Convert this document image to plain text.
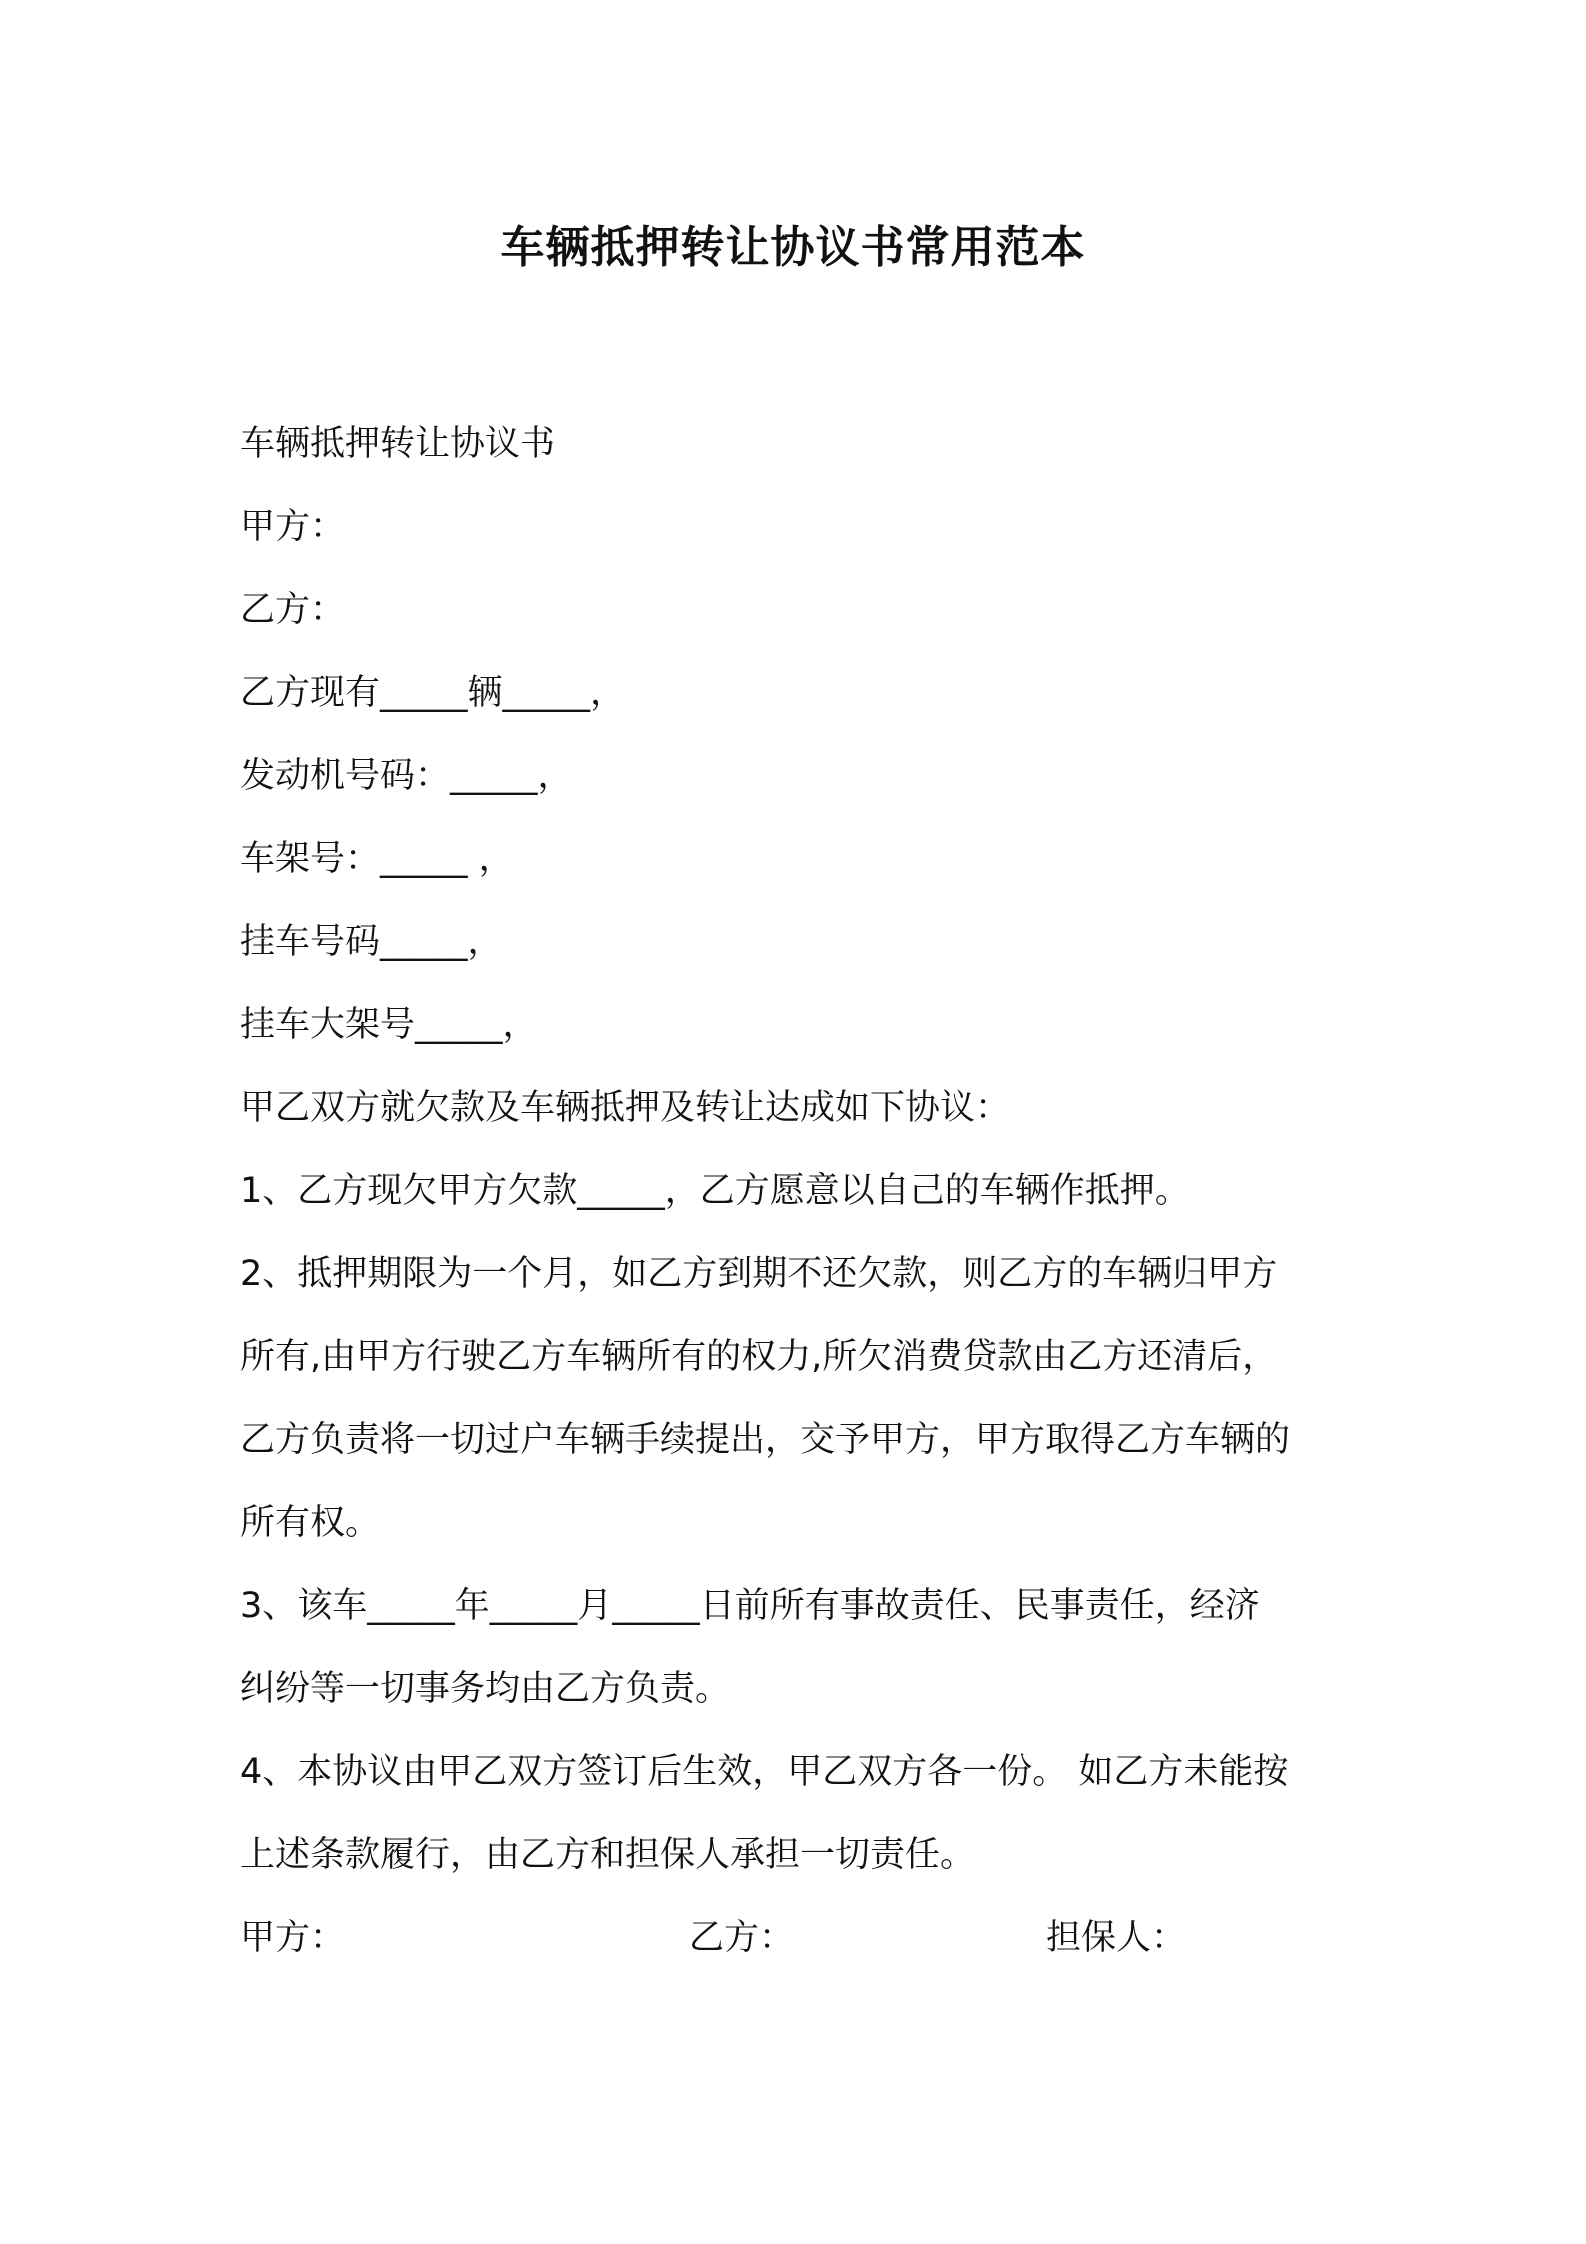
车辆抵押转让协议书常用范本
车辆抵押转让协议书
甲方：
乙方：
乙方现有_____辆_____，
发动机号码：_____，
车架号：_____ ，
挂车号码_____，
挂车大架号_____，
甲乙双方就欠款及车辆抵押及转让达成如下协议：
1、乙方现欠甲方欠款_____，乙方愿意以自己的车辆作抵押。
2、抵押期限为一个月，如乙方到期不还欠款，则乙方的车辆归甲方
所有,由甲方行驶乙方车辆所有的权力,所欠消费贷款由乙方还清后，
乙方负责将一切过户车辆手续提出，交予甲方，甲方取得乙方车辆的
所有权。
3、该车_____年_____月_____日前所有事故责任、民事责任，经济
纠纷等一切事务均由乙方负责。
4、本协议由甲乙双方签订后生效，甲乙双方各一份。 如乙方未能按
上述条款履行，由乙方和担保人承担一切责任。
甲方：	乙方：	担保人：
